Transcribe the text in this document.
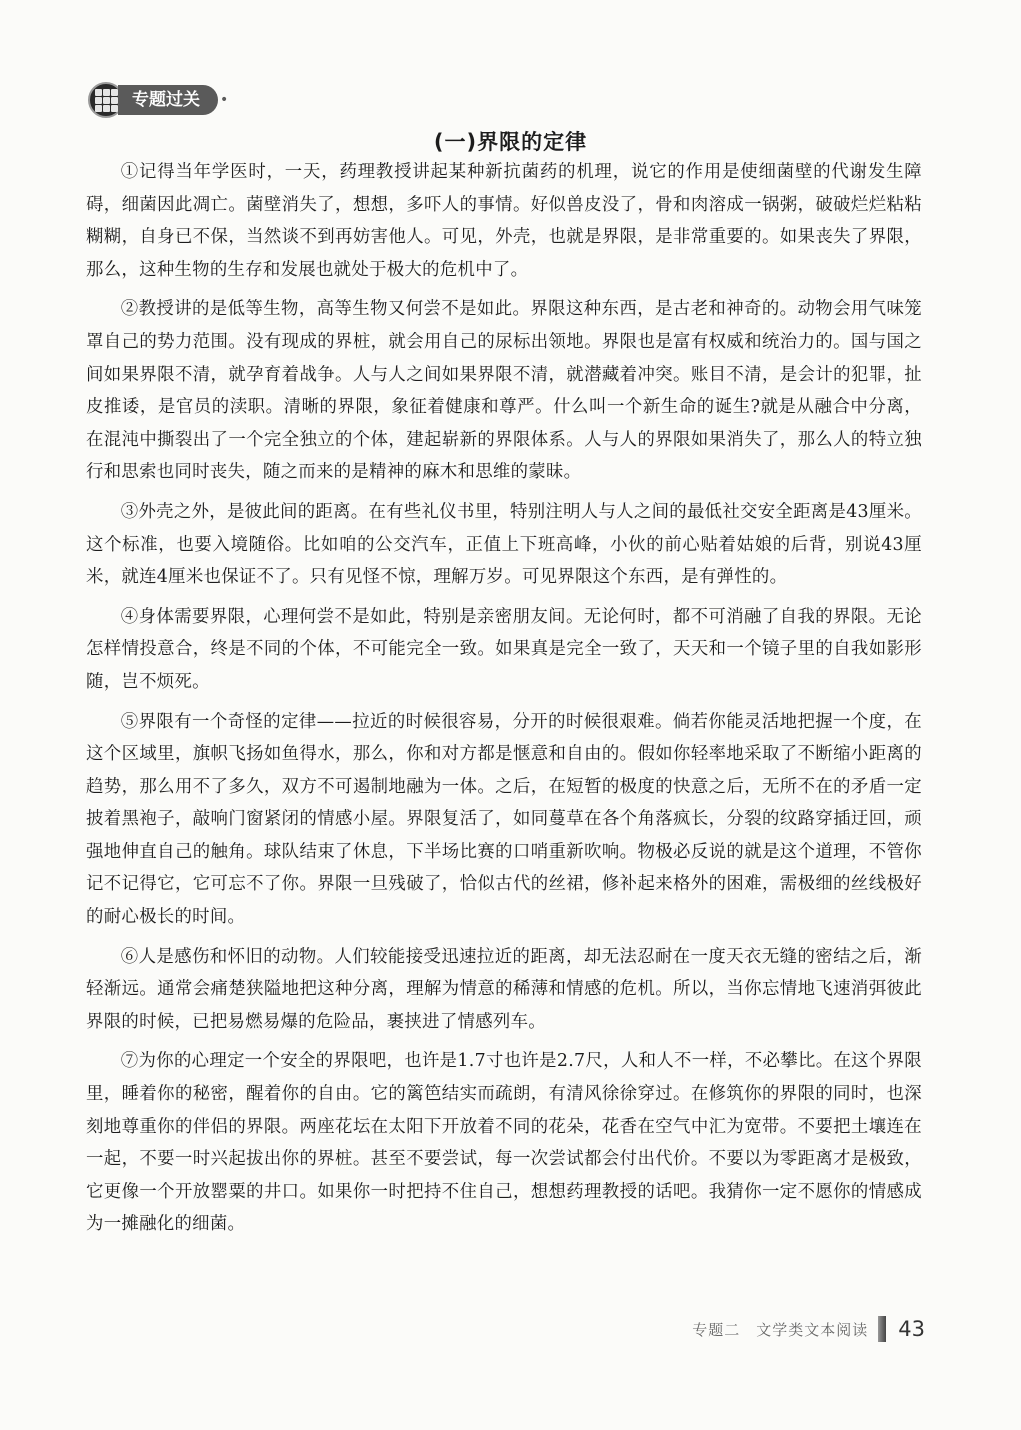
专题过关	•
(一)界限的定律

①记得当年学医时，一天，药理教授讲起某种新抗菌药的机理，说它的作用是使细菌壁的代谢发生障碍，细菌因此凋亡。菌壁消失了，想想，多吓人的事情。好似兽皮没了，骨和肉溶成一锅粥，破破烂烂粘粘糊糊，自身已不保，当然谈不到再妨害他人。可见，外壳，也就是界限，是非常重要的。如果丧失了界限，那么，这种生物的生存和发展也就处于极大的危机中了。

②教授讲的是低等生物，高等生物又何尝不是如此。界限这种东西，是古老和神奇的。动物会用气味笼罩自己的势力范围。没有现成的界桩，就会用自己的尿标出领地。界限也是富有权威和统治力的。国与国之间如果界限不清，就孕育着战争。人与人之间如果界限不清，就潜藏着冲突。账目不清，是会计的犯罪，扯皮推诿，是官员的渎职。清晰的界限，象征着健康和尊严。什么叫一个新生命的诞生?就是从融合中分离，在混沌中撕裂出了一个完全独立的个体，建起崭新的界限体系。人与人的界限如果消失了，那么人的特立独行和思索也同时丧失，随之而来的是精神的麻木和思维的蒙昧。

③外壳之外，是彼此间的距离。在有些礼仪书里，特别注明人与人之间的最低社交安全距离是43厘米。这个标准，也要入境随俗。比如咱的公交汽车，正值上下班高峰，小伙的前心贴着姑娘的后背，别说43厘米，就连4厘米也保证不了。只有见怪不惊，理解万岁。可见界限这个东西，是有弹性的。

④身体需要界限，心理何尝不是如此，特别是亲密朋友间。无论何时，都不可消融了自我的界限。无论怎样情投意合，终是不同的个体，不可能完全一致。如果真是完全一致了，天天和一个镜子里的自我如影形随，岂不烦死。

⑤界限有一个奇怪的定律——拉近的时候很容易，分开的时候很艰难。倘若你能灵活地把握一个度，在这个区域里，旗帜飞扬如鱼得水，那么，你和对方都是惬意和自由的。假如你轻率地采取了不断缩小距离的趋势，那么用不了多久，双方不可遏制地融为一体。之后，在短暂的极度的快意之后，无所不在的矛盾一定披着黑袍子，敲响门窗紧闭的情感小屋。界限复活了，如同蔓草在各个角落疯长，分裂的纹路穿插迂回，顽强地伸直自己的触角。球队结束了休息，下半场比赛的口哨重新吹响。物极必反说的就是这个道理，不管你记不记得它，它可忘不了你。界限一旦残破了，恰似古代的丝裙，修补起来格外的困难，需极细的丝线极好的耐心极长的时间。

⑥人是感伤和怀旧的动物。人们较能接受迅速拉近的距离，却无法忍耐在一度天衣无缝的密结之后，渐轻渐远。通常会痛楚狭隘地把这种分离，理解为情意的稀薄和情感的危机。所以，当你忘情地飞速消弭彼此界限的时候，已把易燃易爆的危险品，裹挟进了情感列车。

⑦为你的心理定一个安全的界限吧，也许是1.7寸也许是2.7尺，人和人不一样，不必攀比。在这个界限里，睡着你的秘密，醒着你的自由。它的篱笆结实而疏朗，有清风徐徐穿过。在修筑你的界限的同时，也深刻地尊重你的伴侣的界限。两座花坛在太阳下开放着不同的花朵，花香在空气中汇为宽带。不要把土壤连在一起，不要一时兴起拔出你的界桩。甚至不要尝试，每一次尝试都会付出代价。不要以为零距离才是极致，它更像一个开放罂粟的井口。如果你一时把持不住自己，想想药理教授的话吧。我猜你一定不愿你的情感成为一摊融化的细菌。

专题二　文学类文本阅读 43
